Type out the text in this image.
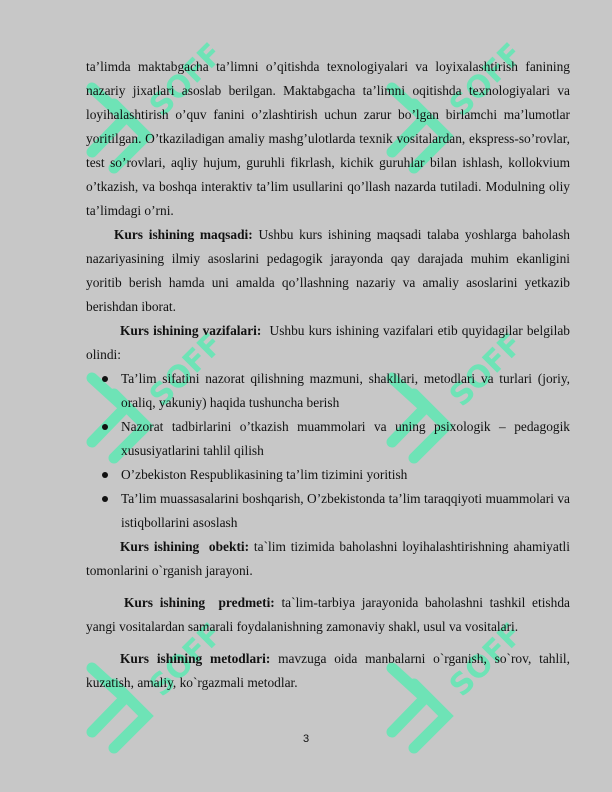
SOFF	SOFF
SOFF	SOFF
SOFF	SOFF

ta’limda maktabgacha ta’limni o’qitishda texnologiyalari va loyixalashtirish fanining nazariy jixatlari asoslab berilgan. Maktabgacha ta’limni oqitishda texnologiyalari va loyihalashtirish o’quv fanini o’zlashtirish uchun zarur bo’lgan birlamchi ma’lumotlar yoritilgan. O’tkaziladigan amaliy mashg’ulotlarda texnik vositalardan, ekspress-so’rovlar, test so’rovlari, aqliy hujum, guruhli fikrlash, kichik guruhlar bilan ishlash, kollokvium o’tkazish, va boshqa interaktiv ta’lim usullarini qo’llash nazarda tutiladi. Modulning oliy ta’limdagi o’rni.

Kurs ishining maqsadi: Ushbu kurs ishining maqsadi talaba yoshlarga baholash nazariyasining ilmiy asoslarini pedagogik jarayonda qay darajada muhim ekanligini yoritib berish hamda uni amalda qo’llashning nazariy va amaliy asoslarini yetkazib berishdan iborat.

Kurs ishining vazifalari:  Ushbu kurs ishining vazifalari etib quyidagilar belgilab olindi:

Ta’lim sifatini nazorat qilishning mazmuni, shakllari, metodlari va turlari (joriy, oraliq, yakuniy) haqida tushuncha berish
Nazorat tadbirlarini o’tkazish muammolari va uning psixologik – pedagogik xususiyatlarini tahlil qilish
O’zbekiston Respublikasining ta’lim tizimini yoritish
Ta’lim muassasalarini boshqarish, O’zbekistonda ta’lim taraqqiyoti muammolari va istiqbollarini asoslash

Kurs ishining  obekti: ta`lim tizimida baholashni loyihalashtirishning ahamiyatli tomonlarini o`rganish jarayoni.

Kurs ishining  predmeti: ta`lim-tarbiya jarayonida baholashni tashkil etishda yangi vositalardan samarali foydalanishning zamonaviy shakl, usul va vositalari.

Kurs ishining metodlari: mavzuga oida manbalarni o`rganish, so`rov, tahlil, kuzatish, amaliy, ko`rgazmali metodlar.

3
